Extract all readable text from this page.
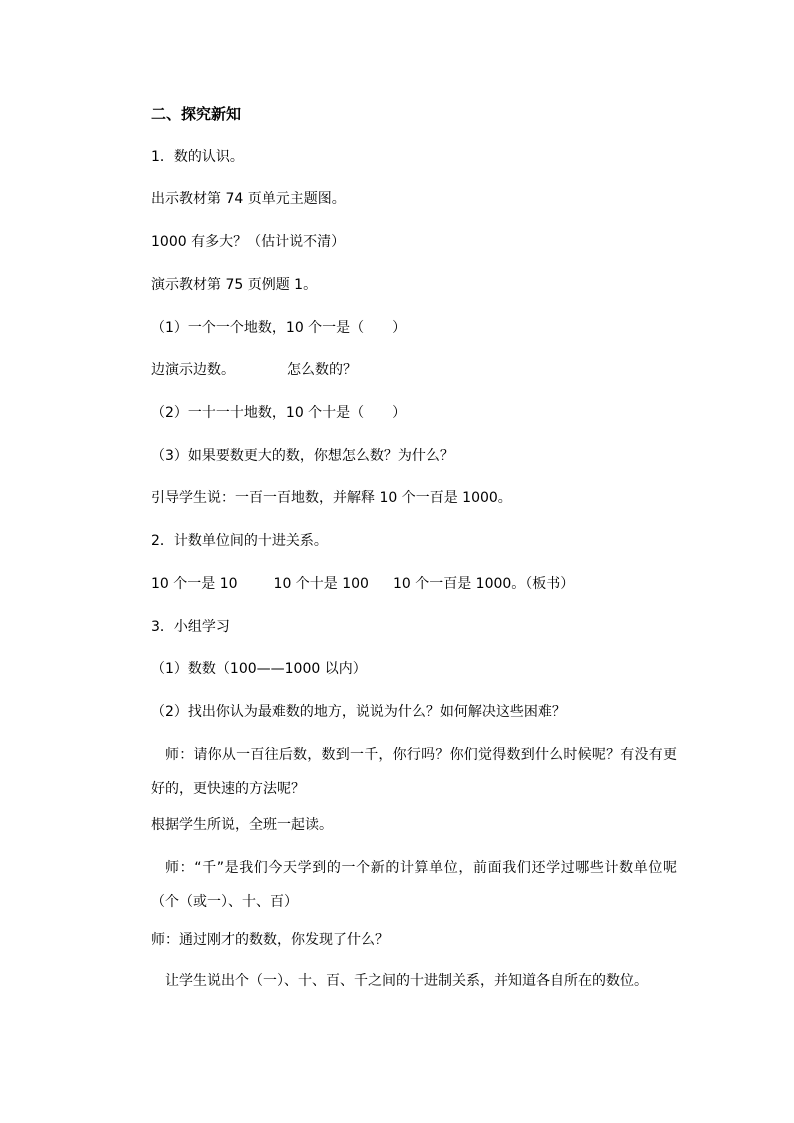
二、探究新知
1．数的认识。
出示教材第 74 页单元主题图。
1000 有多大？（估计说不清）
演示教材第 75 页例题 1。
（1）一个一个地数，10 个一是（　　）
边演示边数。	怎么数的？
（2）一十一十地数，10 个十是（　　）
（3）如果要数更大的数，你想怎么数？为什么？
引导学生说：一百一百地数，并解释 10 个一百是 1000。
2．计数单位间的十进关系。
10 个一是 10	10 个十是 100 10 个一百是 1000。（板书）
3．小组学习
（1）数数（100——1000 以内）
（2）找出你认为最难数的地方，说说为什么？如何解决这些困难？
师：请你从一百往后数，数到一千，你行吗？你们觉得数到什么时候呢？有没有更好的，更快速的方法呢？
根据学生所说，全班一起读。
师：“千”是我们今天学到的一个新的计算单位，前面我们还学过哪些计数单位呢（个（或一）、十、百）
师：通过刚才的数数，你发现了什么？
让学生说出个（一）、十、百、千之间的十进制关系，并知道各自所在的数位。
